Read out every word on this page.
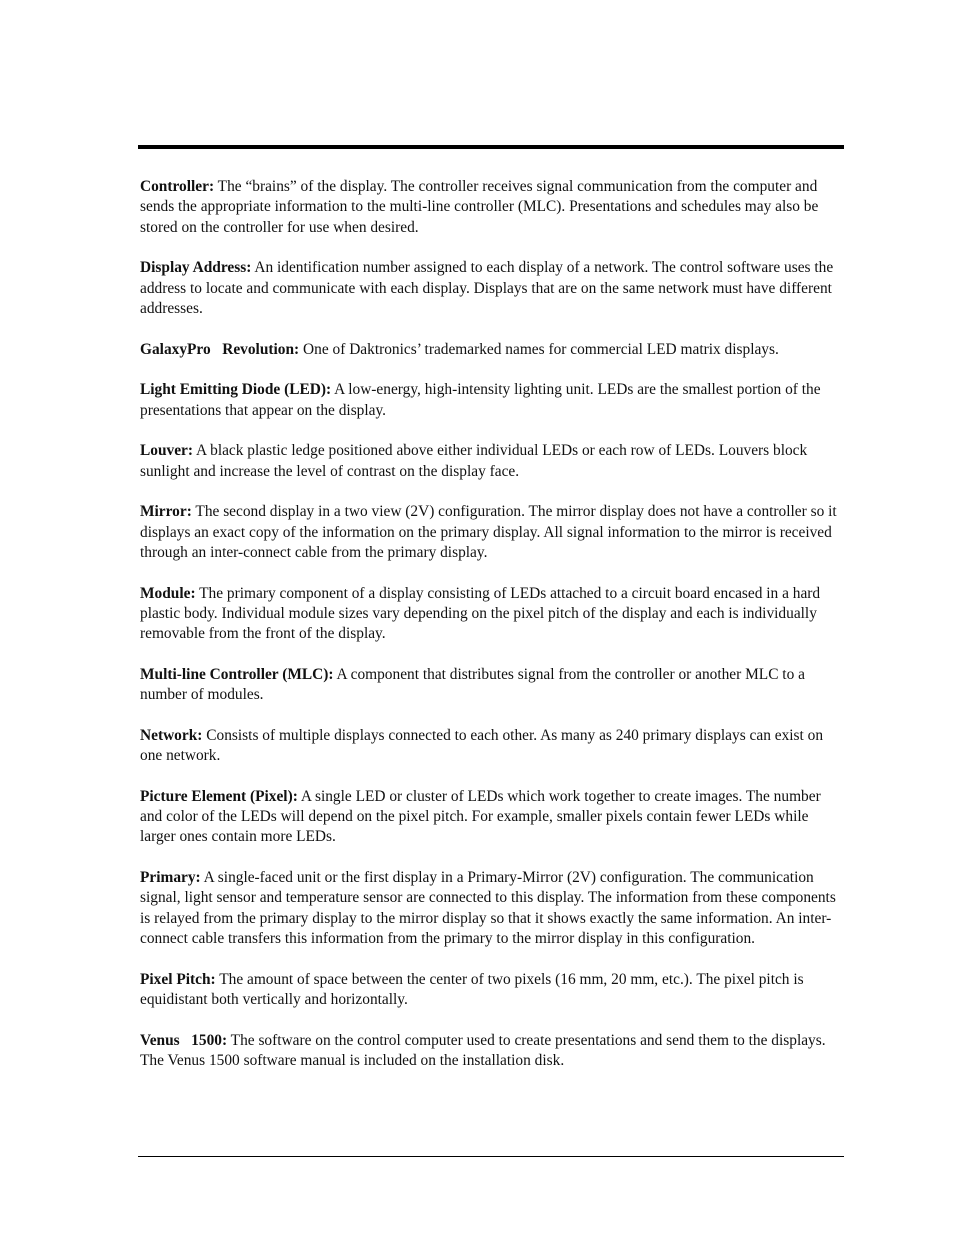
Controller: The “brains” of the display. The controller receives signal communication from the computer and sends the appropriate information to the multi-line controller (MLC). Presentations and schedules may also be stored on the controller for use when desired.

Display Address: An identification number assigned to each display of a network. The control software uses the address to locate and communicate with each display. Displays that are on the same network must have different addresses.

GalaxyPro   Revolution: One of Daktronics’ trademarked names for commercial LED matrix displays.

Light Emitting Diode (LED): A low-energy, high-intensity lighting unit. LEDs are the smallest portion of the presentations that appear on the display.

Louver: A black plastic ledge positioned above either individual LEDs or each row of LEDs. Louvers block sunlight and increase the level of contrast on the display face.

Mirror: The second display in a two view (2V) configuration. The mirror display does not have a controller so it displays an exact copy of the information on the primary display. All signal information to the mirror is received through an inter-connect cable from the primary display.

Module: The primary component of a display consisting of LEDs attached to a circuit board encased in a hard plastic body. Individual module sizes vary depending on the pixel pitch of the display and each is individually removable from the front of the display.

Multi-line Controller (MLC): A component that distributes signal from the controller or another MLC to a number of modules.

Network: Consists of multiple displays connected to each other. As many as 240 primary displays can exist on one network.

Picture Element (Pixel): A single LED or cluster of LEDs which work together to create images. The number and color of the LEDs will depend on the pixel pitch. For example, smaller pixels contain fewer LEDs while larger ones contain more LEDs.

Primary: A single-faced unit or the first display in a Primary-Mirror (2V) configuration. The communication signal, light sensor and temperature sensor are connected to this display. The information from these components is relayed from the primary display to the mirror display so that it shows exactly the same information. An inter-connect cable transfers this information from the primary to the mirror display in this configuration.

Pixel Pitch: The amount of space between the center of two pixels (16 mm, 20 mm, etc.). The pixel pitch is equidistant both vertically and horizontally.

Venus   1500: The software on the control computer used to create presentations and send them to the displays. The Venus 1500 software manual is included on the installation disk.
